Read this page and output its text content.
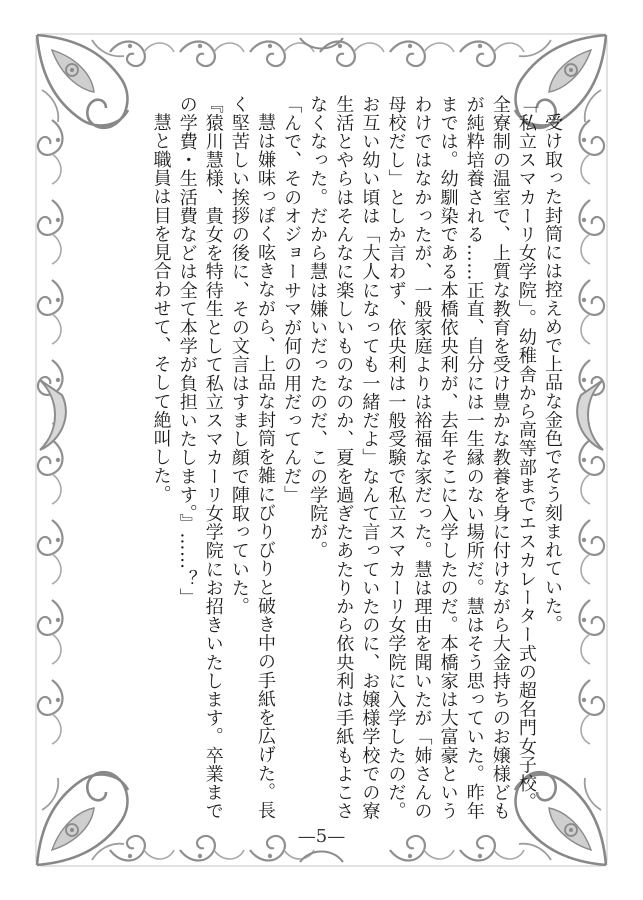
受け取った封筒には控えめで上品な金色でそう刻まれていた。

「私立スマカーリ女学院」。幼稚舎から高等部までエスカレーター式の超名門女子校。全寮制の温室で、上質な教育を受け豊かな教養を身に付けながら大金持ちのお嬢様どもが純粋培養される……正直、自分には一生縁のない場所だ。慧はそう思っていた。昨年までは。幼馴染である本橋依央利が、去年そこに入学したのだ。本橋家は大富豪というわけではなかったが、一般家庭よりは裕福な家だった。慧は理由を聞いたが「姉さんの母校だし」としか言わず、依央利は一般受験で私立スマカーリ女学院に入学したのだ。お互い幼い頃は「大人になっても一緒だよ」なんて言っていたのに、お嬢様学校での寮生活とやらはそんなに楽しいものなのか、夏を過ぎたあたりから依央利は手紙もよこさなくなった。だから慧は嫌いだったのだ、この学院が。

「んで、そのオジョーサマが何の用だってんだ」

慧は嫌味っぽく呟きながら、上品な封筒を雑にびりびりと破き中の手紙を広げた。長く堅苦しい挨拶の後に、その文言はすまし顔で陣取っていた。

『猿川慧様、貴女を特待生として私立スマカーリ女学院にお招きいたします。卒業までの学費・生活費などは全て本学が負担いたします。』……？」

慧と職員は目を見合わせて、そして絶叫した。

—5—
